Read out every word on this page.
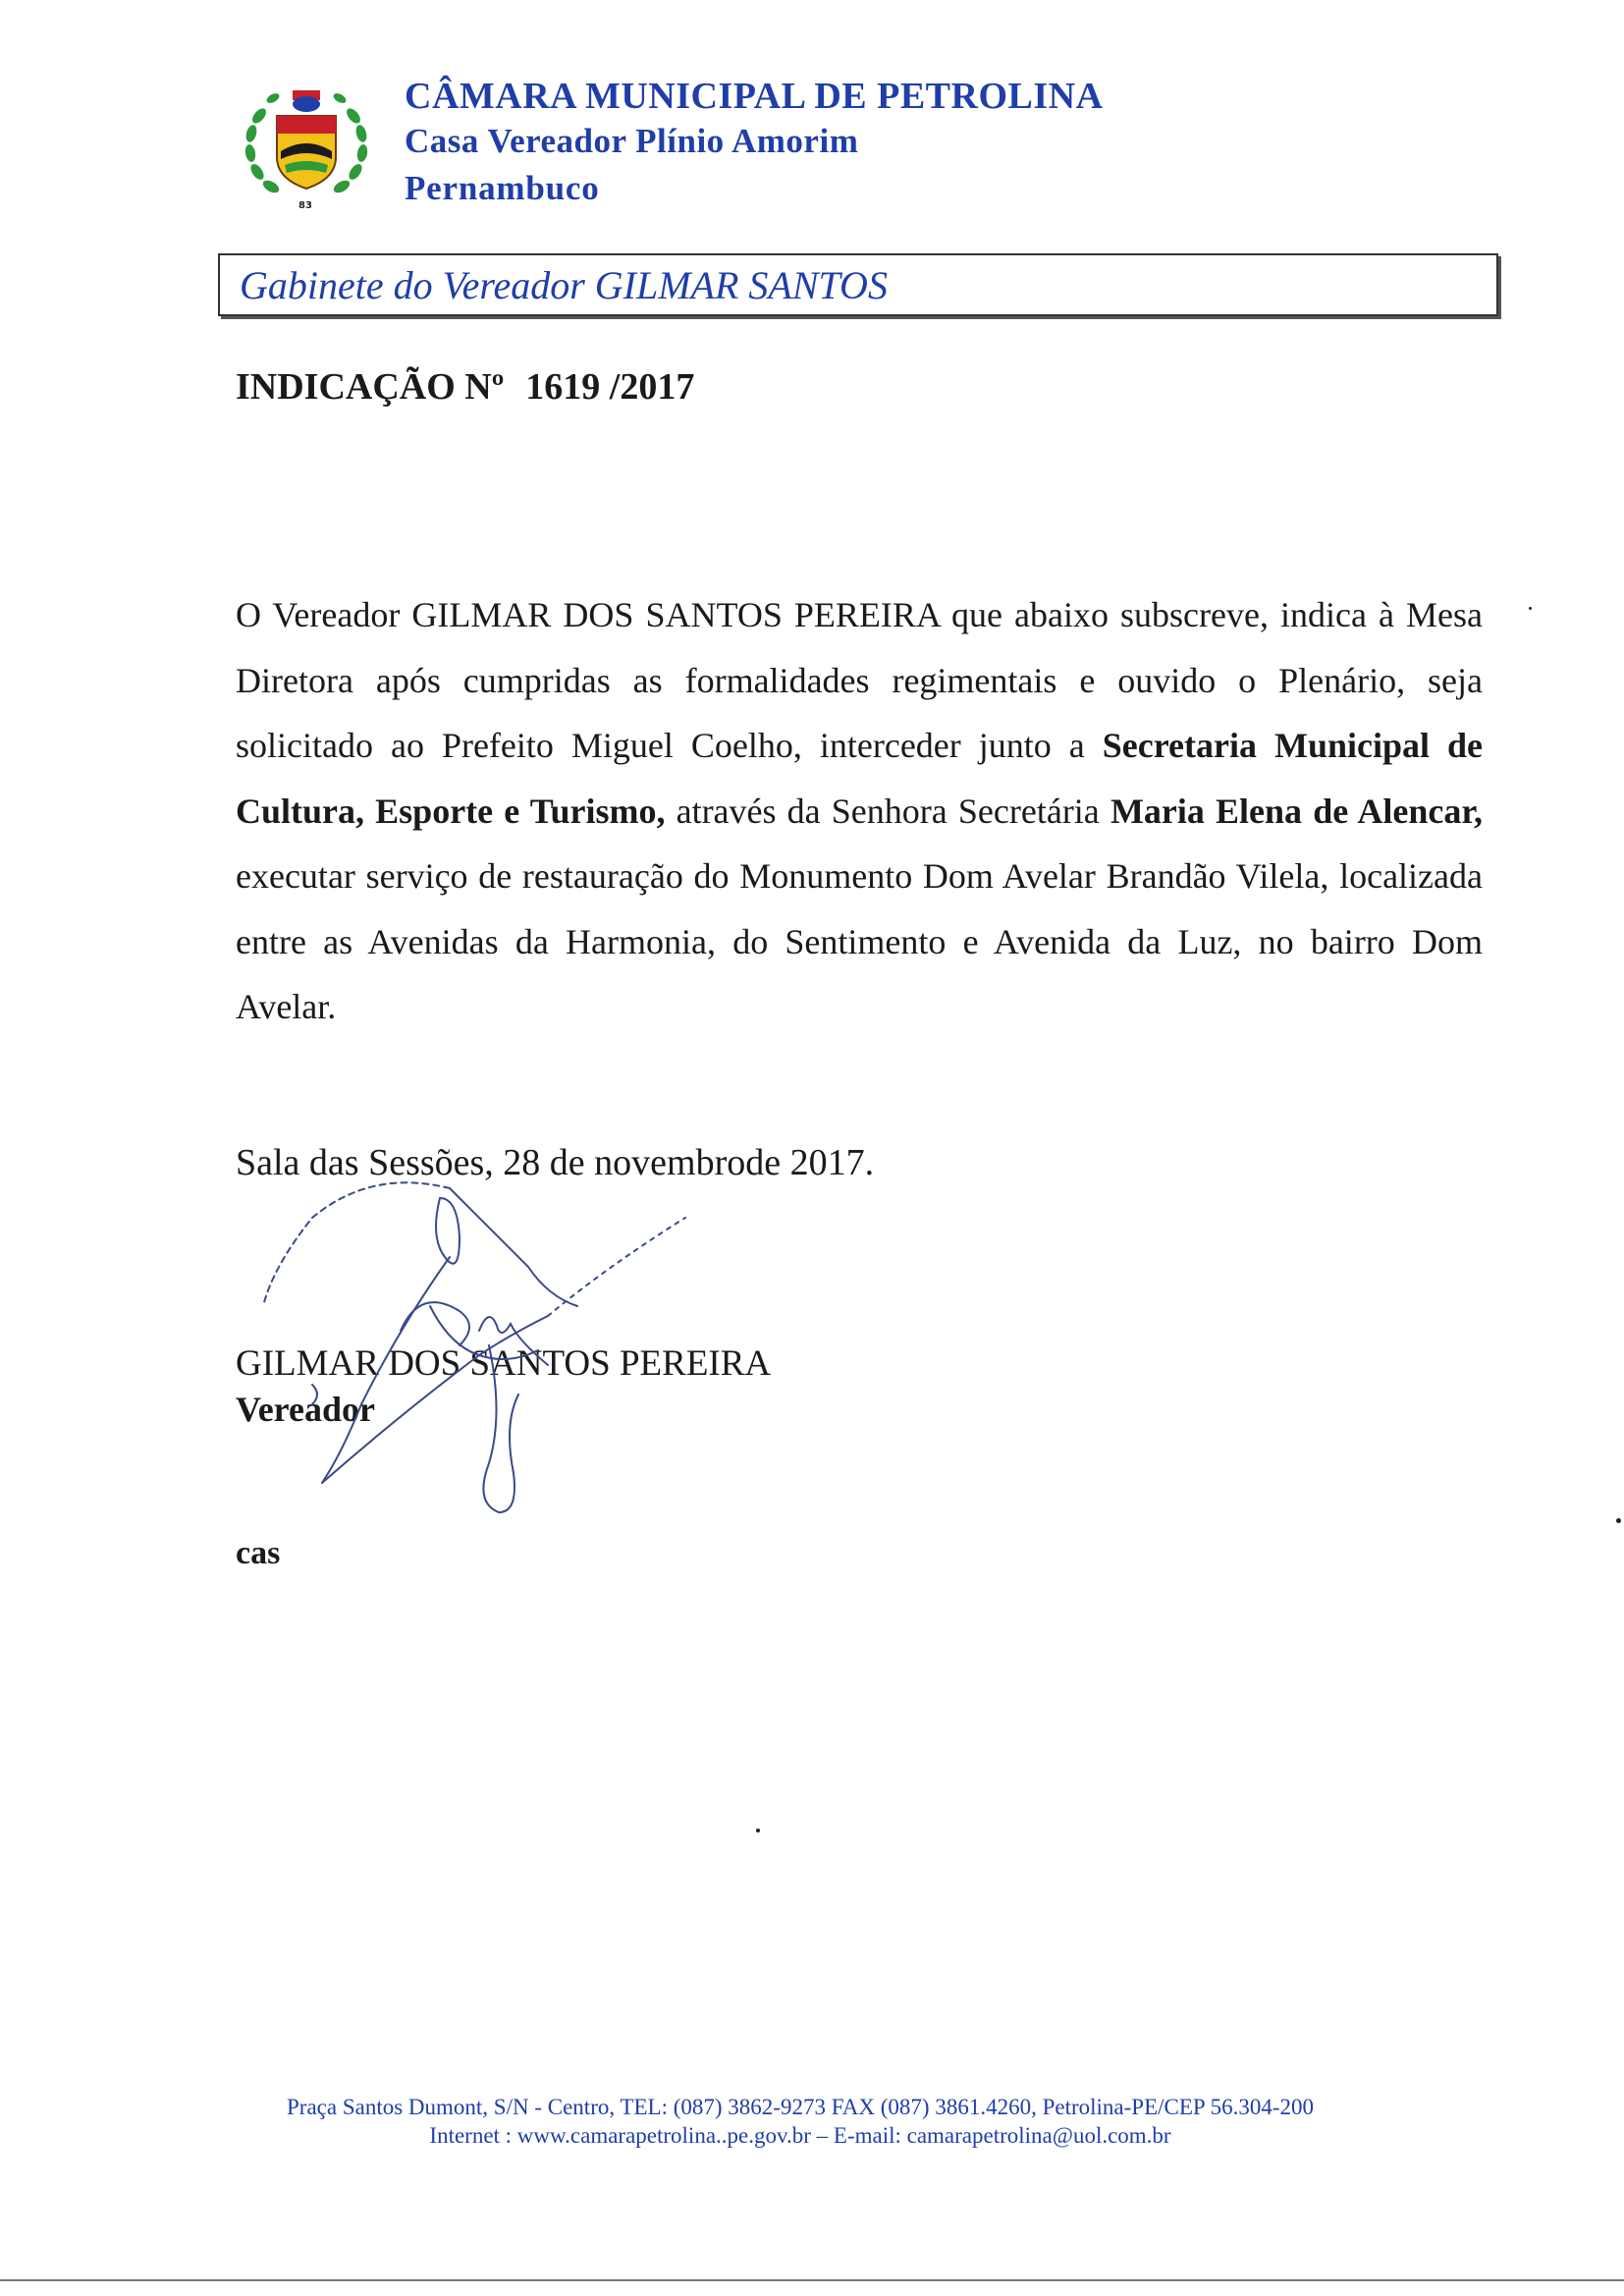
83
CÂMARA MUNICIPAL DE PETROLINA
Casa Vereador Plínio Amorim
Pernambuco
Gabinete do Vereador GILMAR SANTOS
INDICAÇÃO Nº 1619 /2017
O Vereador GILMAR DOS SANTOS PEREIRA que abaixo subscreve, indica à Mesa Diretora após cumpridas as formalidades regimentais e ouvido o Plenário, seja solicitado ao Prefeito Miguel Coelho, interceder junto a Secretaria Municipal de Cultura, Esporte e Turismo, através da Senhora Secretária Maria Elena de Alencar, executar serviço de restauração do Monumento Dom Avelar Brandão Vilela, localizada entre as Avenidas da Harmonia, do Sentimento e Avenida da Luz, no bairro Dom Avelar.
Sala das Sessões, 28 de novembrode 2017.
GILMAR DOS SANTOS PEREIRA
Vereador
cas
Praça Santos Dumont, S/N - Centro, TEL: (087) 3862-9273 FAX (087) 3861.4260, Petrolina-PE/CEP 56.304-200
Internet : www.camarapetrolina..pe.gov.br – E-mail: camarapetrolina@uol.com.br
